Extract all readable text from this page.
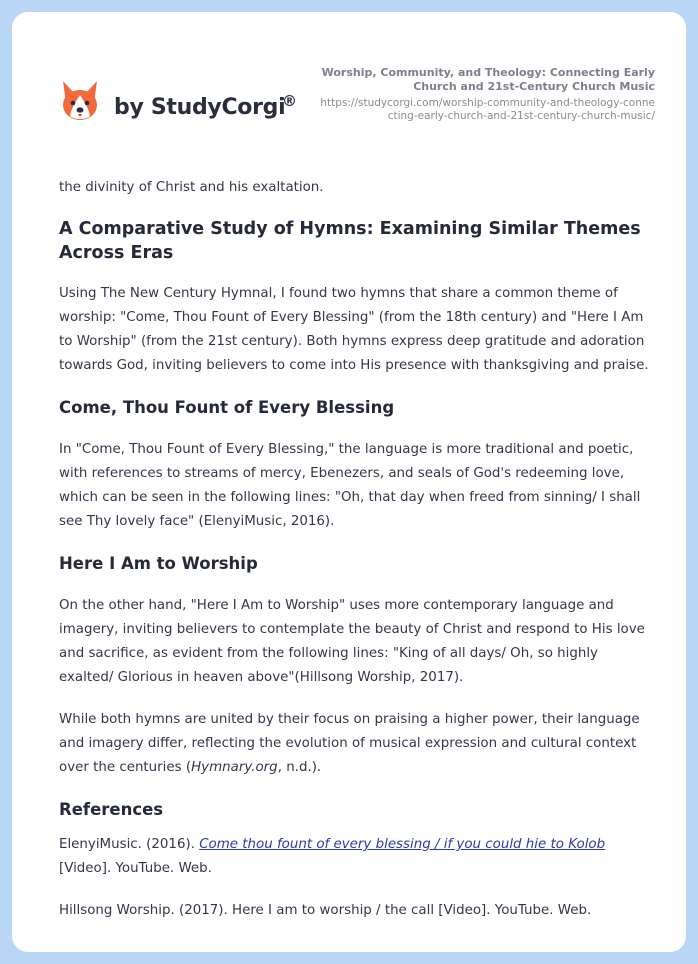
by StudyCorgi
®
Worship, Community, and Theology: Connecting Early Church and 21st-Century Church Music
https://studycorgi.com/worship-community-and-theology-connecting-early-church-and-21st-century-church-music/

the divinity of Christ and his exaltation.

A Comparative Study of Hymns: Examining Similar Themes Across Eras

Using The New Century Hymnal, I found two hymns that share a common theme of worship: "Come, Thou Fount of Every Blessing" (from the 18th century) and "Here I Am to Worship" (from the 21st century). Both hymns express deep gratitude and adoration towards God, inviting believers to come into His presence with thanksgiving and praise.

Come, Thou Fount of Every Blessing

In "Come, Thou Fount of Every Blessing," the language is more traditional and poetic, with references to streams of mercy, Ebenezers, and seals of God's redeeming love, which can be seen in the following lines: "Oh, that day when freed from sinning/ I shall see Thy lovely face" (ElenyiMusic, 2016).

Here I Am to Worship

On the other hand, "Here I Am to Worship" uses more contemporary language and imagery, inviting believers to contemplate the beauty of Christ and respond to His love and sacrifice, as evident from the following lines: "King of all days/ Oh, so highly exalted/ Glorious in heaven above"(Hillsong Worship, 2017).

While both hymns are united by their focus on praising a higher power, their language and imagery differ, reflecting the evolution of musical expression and cultural context over the centuries (Hymnary.org, n.d.).

References

ElenyiMusic. (2016). Come thou fount of every blessing / if you could hie to Kolob [Video]. YouTube. Web.

Hillsong Worship. (2017). Here I am to worship / the call [Video]. YouTube. Web.
